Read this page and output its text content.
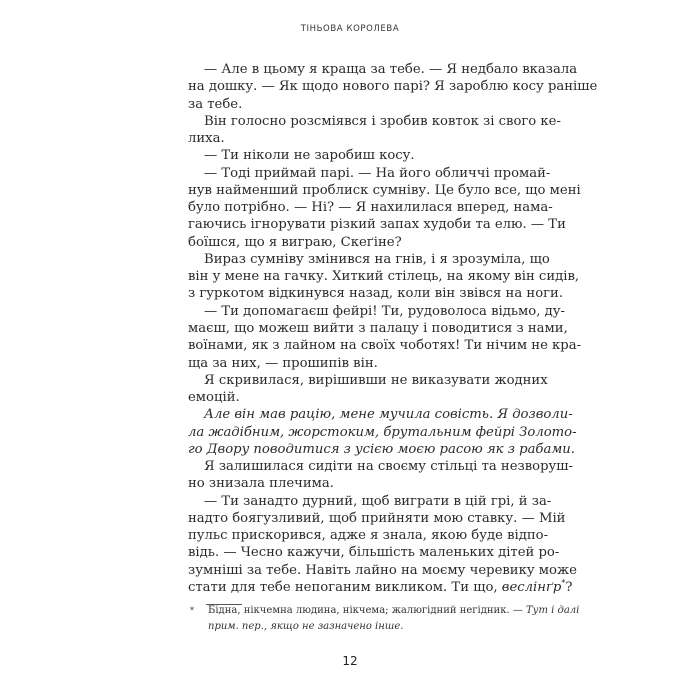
ТІНЬОВА КОРОЛЕВА
— Але в цьому я краща за тебе. — Я недбало вказала
на дошку. — Як щодо нового парі? Я зароблю косу раніше
за тебе.
Він голосно розсміявся і зробив ковток зі свого ке-
лиха.
— Ти ніколи не заробиш косу.
— Тоді приймай парі. — На його обличчі промай-
нув найменший проблиск сумніву. Це було все, що мені
було потрібно. — Ні? — Я нахилилася вперед, нама-
гаючись ігнорувати різкий запах худоби та елю. — Ти
боїшся, що я виграю, Скеґіне?
Вираз сумніву змінився на гнів, і я зрозуміла, що
він у мене на гачку. Хиткий стілець, на якому він сидів,
з гуркотом відкинувся назад, коли він звівся на ноги.
— Ти допомагаєш фейрі! Ти, рудоволоса відьмо, ду-
маєш, що можеш вийти з палацу і поводитися з нами,
воїнами, як з лайном на своїх чоботях! Ти нічим не кра-
ща за них, — прошипів він.
Я скривилася, вирішивши не виказувати жодних
емоцій.
Але він мав рацію, мене мучила совість. Я дозволи-
ла жадібним, жорстоким, брутальним фейрі Золото-
го Двору поводитися з усією моєю расою як з рабами.
Я залишилася сидіти на своєму стільці та незворуш-
но знизала плечима.
— Ти занадто дурний, щоб виграти в цій грі, й за-
надто боягузливий, щоб прийняти мою ставку. — Мій
пульс прискорився, адже я знала, якою буде відпо-
відь. — Чесно кажучи, більшість маленьких дітей ро-
зумніші за тебе. Навіть лайно на моєму черевику може
стати для тебе непоганим викликом. Ти що, веслінґр*?
* Бідна, нікчемна людина, нікчема; жалюгідний негідник. — Тут і далі
прим. пер., якщо не зазначено інше.
12
